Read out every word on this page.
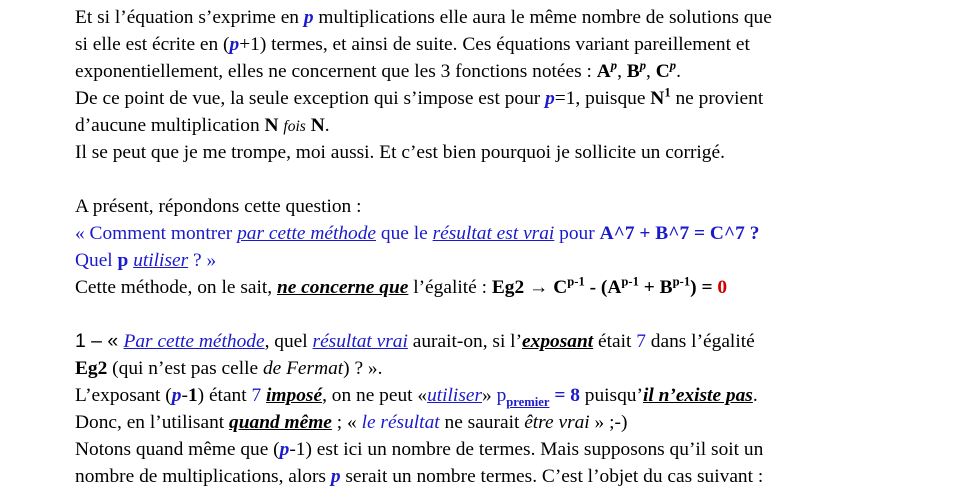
Et si l’équation s’exprime en p multiplications elle aura le même nombre de solutions que
si elle est écrite en (p+1) termes, et ainsi de suite. Ces équations variant pareillement et
exponentiellement, elles ne concernent que les 3 fonctions notées : $A^p$, $B^p$, $C^p$.
De ce point de vue, la seule exception qui s’impose est pour p=1, puisque $N^1$ ne provient
d’aucune multiplication N fois N.
Il se peut que je me trompe, moi aussi. Et c’est bien pourquoi je sollicite un corrigé.
A présent, répondons cette question :
« Comment montrer par cette méthode que le résultat est vrai pour A^7 + B^7 = C^7 ?
Quel p utiliser ? »
Cette méthode, on le sait, ne concerne que l’égalité : $Eg2 \to C^{p-1} - (A^{p-1} + B^{p-1}) = 0$
1 – « Par cette méthode, quel résultat vrai aurait-on, si l’exposant était 7 dans l’égalité
Eg2 (qui n’est pas celle de Fermat) ? ».
L’exposant (p-1) étant 7 imposé, on ne peut «utiliser» $p_{premier} = 8$ puisqu’il n’existe pas.
Donc, en l’utilisant quand même ; « le résultat ne saurait être vrai » ;-)
Notons quand même que (p-1) est ici un nombre de termes. Mais supposons qu’il soit un
nombre de multiplications, alors p serait un nombre termes. C’est l’objet du cas suivant :
